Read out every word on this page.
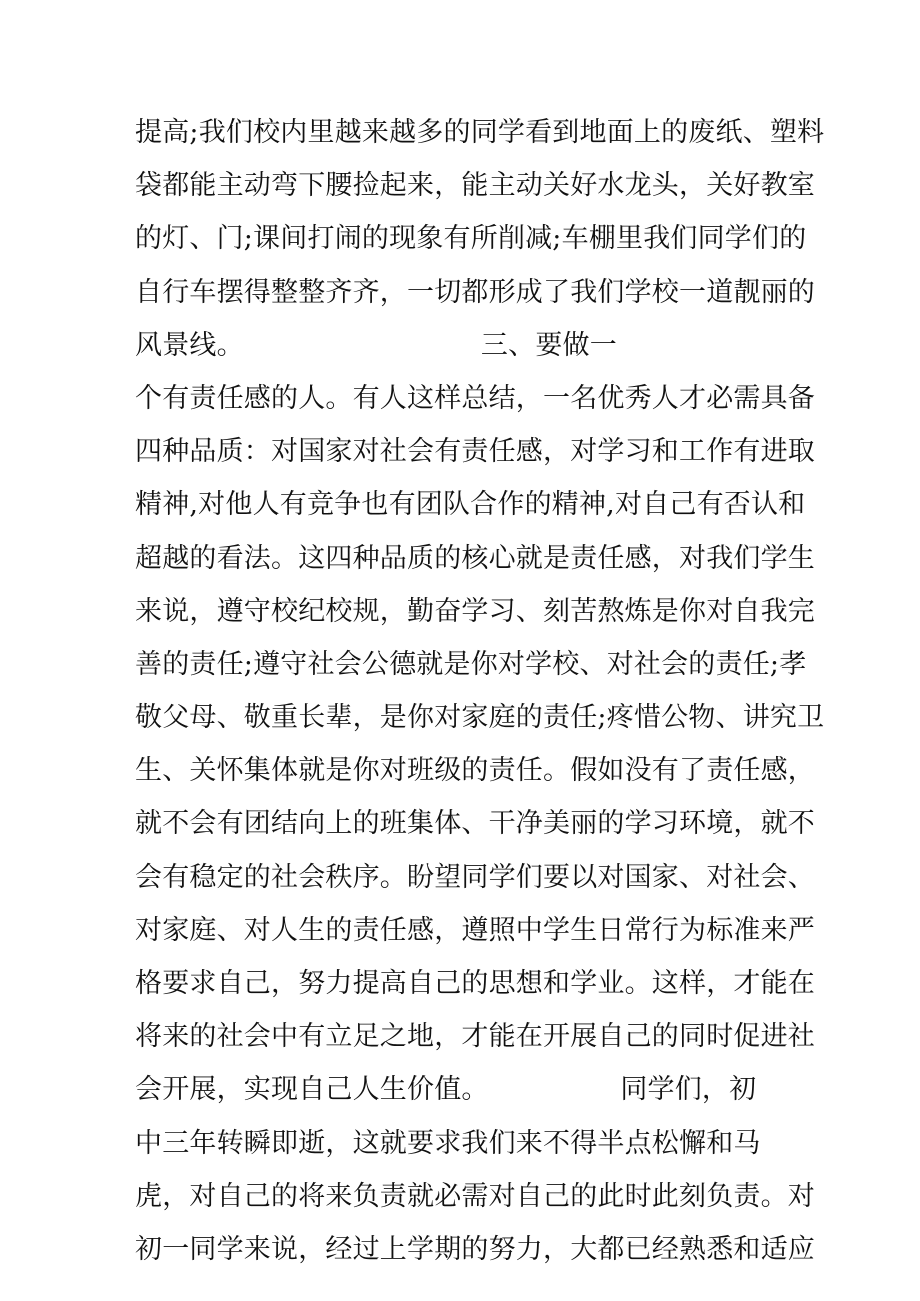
提高;我们校内里越来越多的同学看到地面上的废纸、塑料
袋都能主动弯下腰捡起来，能主动关好水龙头，关好教室
的灯、门;课间打闹的现象有所削减;车棚里我们同学们的
自行车摆得整整齐齐，一切都形成了我们学校一道靓丽的
风景线。                           三、要做一
个有责任感的人。有人这样总结，一名优秀人才必需具备
四种品质：对国家对社会有责任感，对学习和工作有进取
精神,对他人有竞争也有团队合作的精神,对自己有否认和
超越的看法。这四种品质的核心就是责任感，对我们学生
来说，遵守校纪校规，勤奋学习、刻苦熬炼是你对自我完
善的责任;遵守社会公德就是你对学校、对社会的责任;孝
敬父母、敬重长辈，是你对家庭的责任;疼惜公物、讲究卫
生、关怀集体就是你对班级的责任。假如没有了责任感，
就不会有团结向上的班集体、干净美丽的学习环境，就不
会有稳定的社会秩序。盼望同学们要以对国家、对社会、
对家庭、对人生的责任感，遵照中学生日常行为标准来严
格要求自己，努力提高自己的思想和学业。这样，才能在
将来的社会中有立足之地，才能在开展自己的同时促进社
会开展，实现自己人生价值。               同学们，初
中三年转瞬即逝，这就要求我们来不得半点松懈和马
虎，对自己的将来负责就必需对自己的此时此刻负责。对
初一同学来说，经过上学期的努力，大都已经熟悉和适应
